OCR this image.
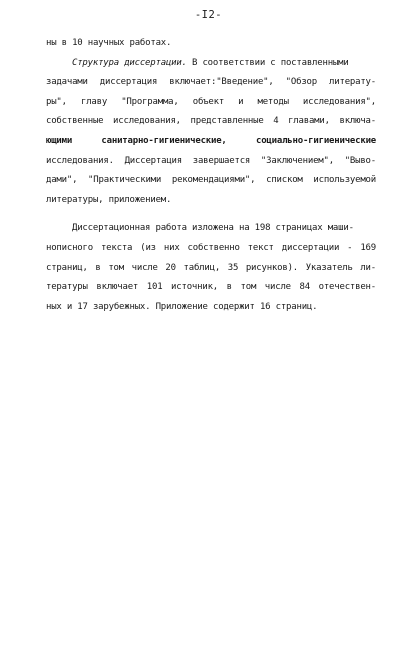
-I2-
ны в 10 научных работах.
Структура диссертации. В соответствии с поставленными
задачами диссертация включает:"Введение", "Обзор литерату-
ры", главу "Программа, объект и методы исследования",
собственные исследования, представленные 4 главами, включа-
ющими санитарно-гигиенические, социально-гигиенические
исследования. Диссертация завершается "Заключением", "Выво-
дами", "Практическими рекомендациями", списком используемой
литературы, приложением.
Диссертационная работа изложена на 198 страницах маши-
нописного текста (из них собственно текст диссертации - 169
страниц, в том числе 20 таблиц, 35 рисунков). Указатель ли-
тературы включает 101 источник, в том числе 84 отечествен-
ных и 17 зарубежных. Приложение содержит 16 страниц.
